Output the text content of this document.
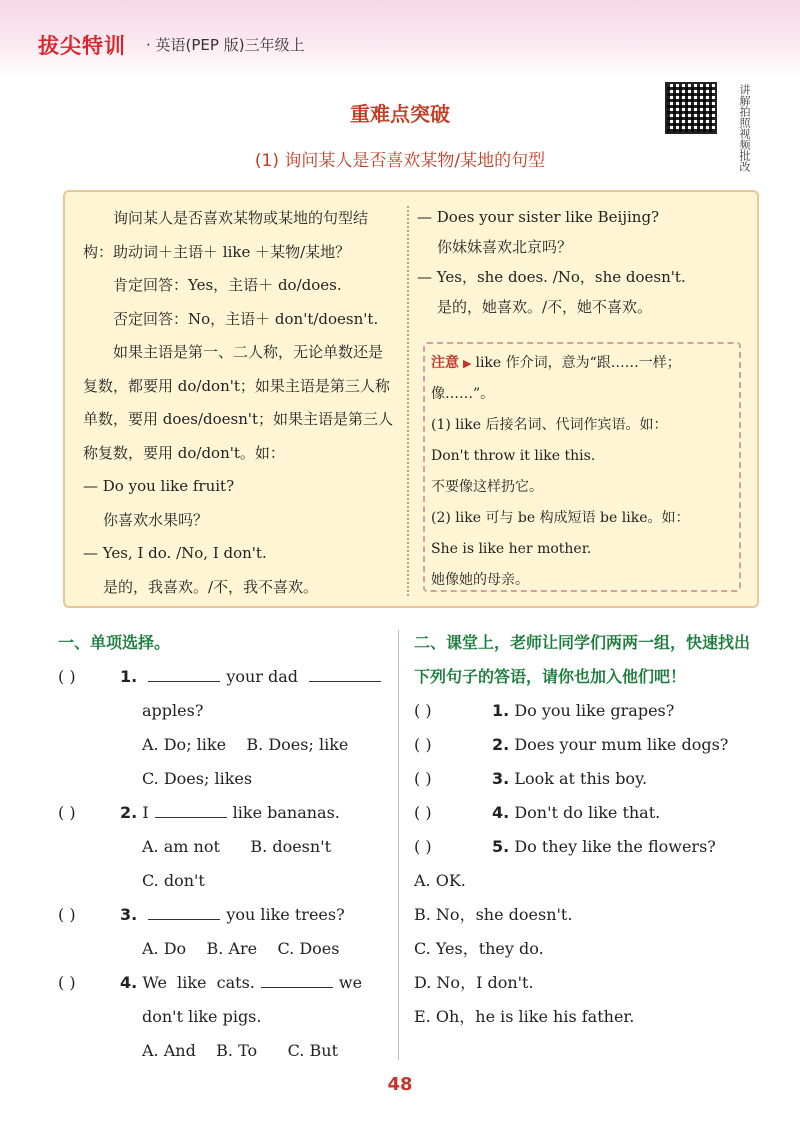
拔尖特训 · 英语(PEP 版)三年级上
讲解拍照视频批改
重难点突破
(1) 询问某人是否喜欢某物/某地的句型

询问某人是否喜欢某物或某地的句型结构：助动词＋主语＋ like ＋某物/某地？

肯定回答：Yes，主语＋ do/does.

否定回答：No，主语＋ don't/doesn't.

如果主语是第一、二人称，无论单数还是复数，都要用 do/don't；如果主语是第三人称单数，要用 does/doesn't；如果主语是第三人称复数，要用 do/don't。如：

— Do you like fruit?

你喜欢水果吗？

— Yes, I do. /No, I don't.

是的，我喜欢。/不，我不喜欢。

— Does your sister like Beijing?

你妹妹喜欢北京吗？

— Yes，she does. /No，she doesn't.

是的，她喜欢。/不，她不喜欢。

注意 ▶ like 作介词，意为“跟……一样；像……”。

(1) like 后接名词、代词作宾语。如：

Don't throw it like this.

不要像这样扔它。

(2) like 可与 be 构成短语 be like。如：

She is like her mother.

她像她的母亲。

一、单项选择。

( )	1.	your dad

apples?

A. Do; like    B. Does; like

C. Does; likes

( )	2. I	like bananas.

A. am not      B. doesn't

C. don't

( )	3.	you like trees?

A. Do    B. Are    C. Does

( )	4. We  like  cats.	we

don't like pigs.

A. And    B. To      C. But

二、课堂上，老师让同学们两两一组，快速找出下列句子的答语，请你也加入他们吧！

( )	1. Do you like grapes?

( )	2. Does your mum like dogs?

( )	3. Look at this boy.

( )	4. Don't do like that.

( )	5. Do they like the flowers?

A. OK.

B. No，she doesn't.

C. Yes，they do.

D. No，I don't.

E. Oh，he is like his father.

48
